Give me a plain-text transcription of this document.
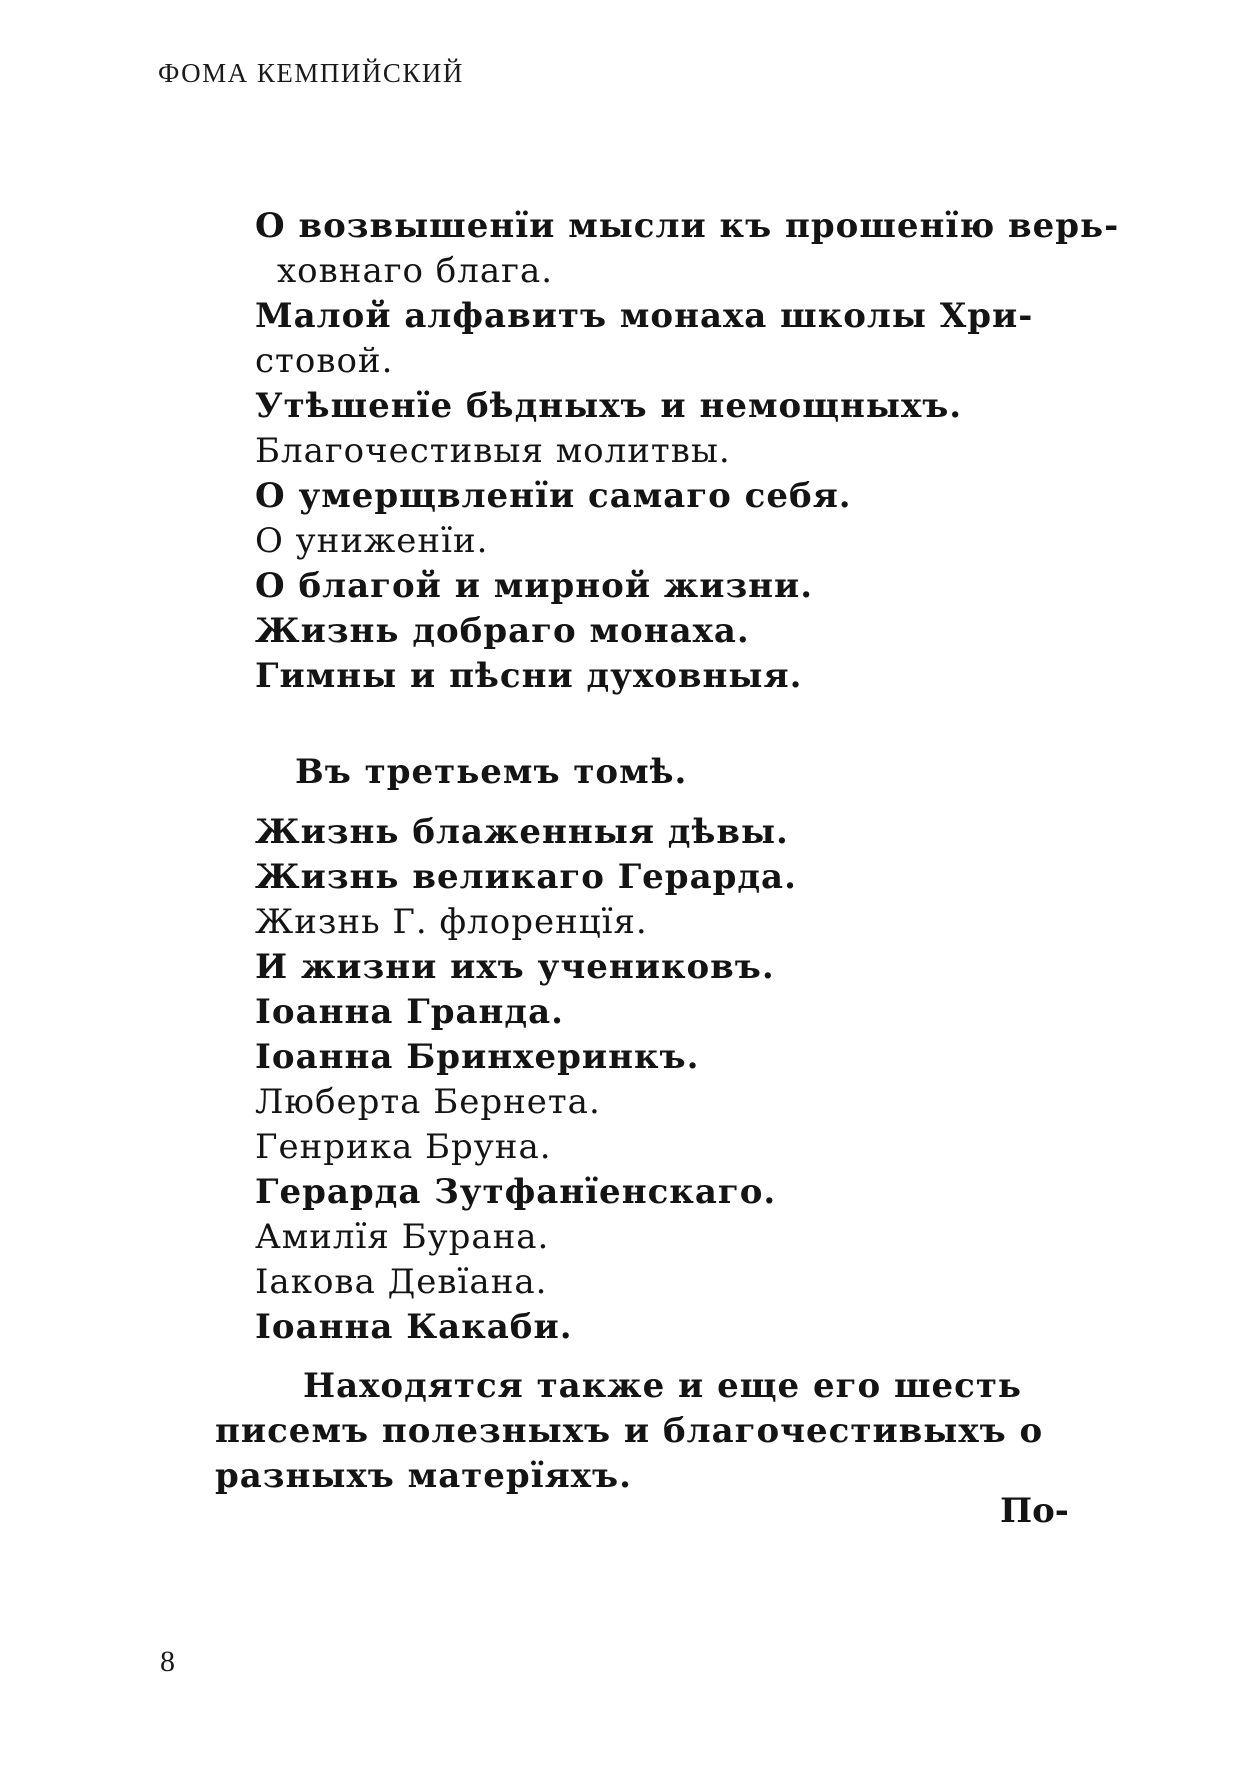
ФОМА КЕМПИЙСКИЙ
О возвышенїи мысли къ прошенїю верь-
ховнаго блага.
Малой алфавитъ монаха школы Хри-
стовой.
Утѣшенїе бѣдныхъ и немощныхъ.
Благочестивыя молитвы.
О умерщвленїи самаго себя.
О униженїи.
О благой и мирной жизни.
Жизнь добраго монаха.
Гимны и пѣсни духовныя.
Въ третьемъ томѣ.
Жизнь блаженныя дѣвы.
Жизнь великаго Герарда.
Жизнь Г. флоренцїя.
И жизни ихъ учениковъ.
Іоанна Гранда.
Іоанна Бринхеринкъ.
Люберта Бернета.
Генрика Бруна.
Герарда Зутфанїенскаго.
Амилїя Бурана.
Іакова Девїана.
Іоанна Какаби.
Находятся также и еще его шесть
писемъ полезныхъ и благочестивыхъ о
разныхъ матерїяхъ.
По-
8
